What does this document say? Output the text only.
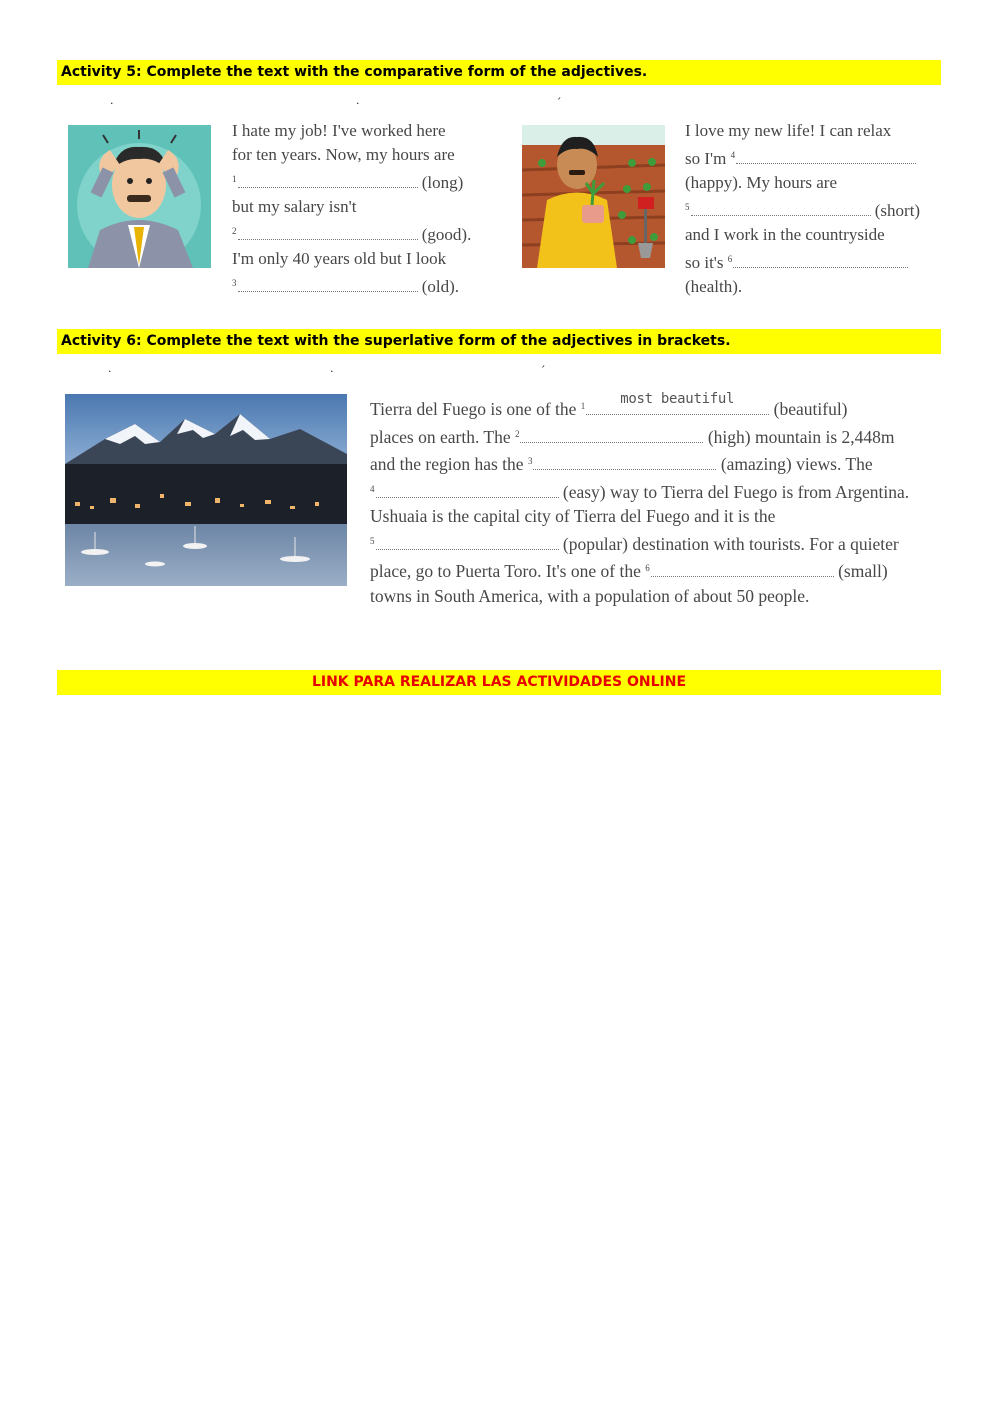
Activity 5: Complete the text with the comparative form of the adjectives.
·	·	´
I hate my job! I've worked here
for ten years. Now, my hours are
$^1$	(long)
but my salary isn't
$^2$	(good).
I'm only 40 years old but I look
$^3$	(old).
I love my new life! I can relax
so I'm $^4$
(happy). My hours are
$^5$	(short)
and I work in the countryside
so it's $^6$
(health).
Activity 6: Complete the text with the superlative form of the adjectives in brackets.
·	·	´
Tierra del Fuego is one of the $^1$	most beautiful (beautiful)
places on earth. The $^2$	(high) mountain is 2,448m
and the region has the $^3$	(amazing) views. The
$^4$	(easy) way to Tierra del Fuego is from Argentina.
Ushuaia is the capital city of Tierra del Fuego and it is the
$^5$	(popular) destination with tourists. For a quieter
place, go to Puerta Toro. It's one of the $^6$	(small)
towns in South America, with a population of about 50 people.
LINK PARA REALIZAR LAS ACTIVIDADES ONLINE
